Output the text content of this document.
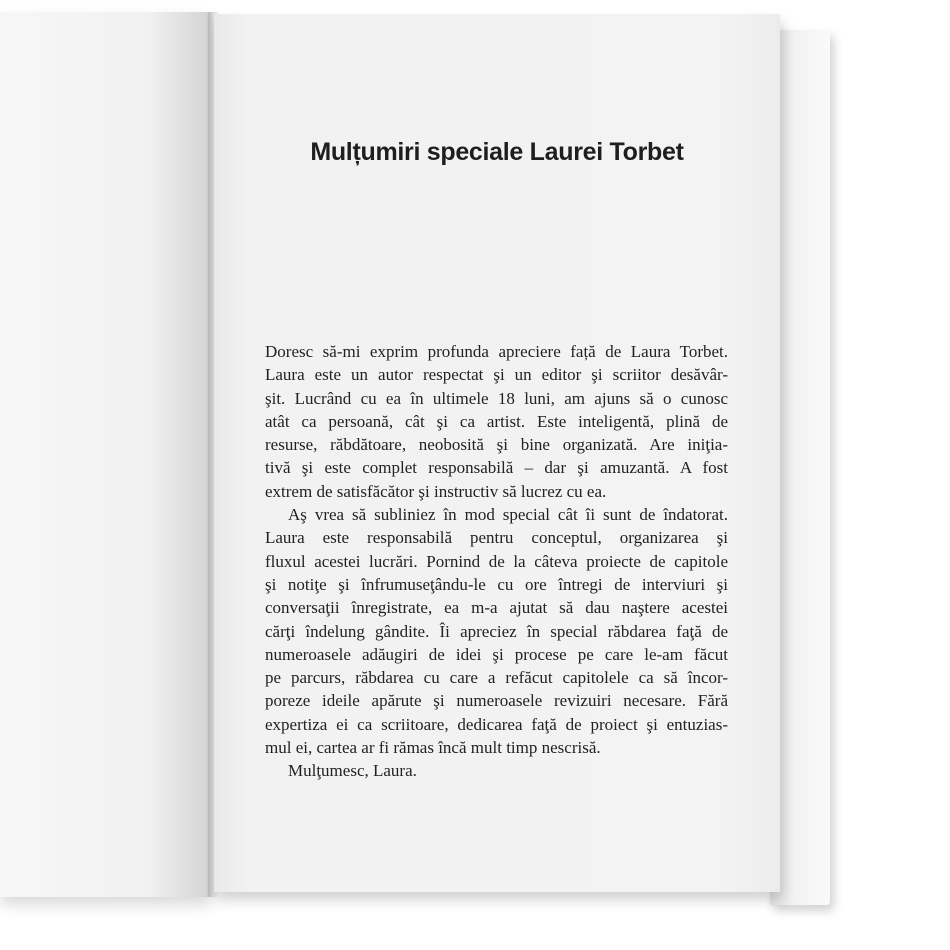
Mulțumiri speciale Laurei Torbet

Doresc să-mi exprim profunda apreciere față de Laura Torbet.
Laura este un autor respectat şi un editor şi scriitor desăvâr-
şit. Lucrând cu ea în ultimele 18 luni, am ajuns să o cunosc
atât ca persoană, cât şi ca artist. Este inteligentă, plină de
resurse, răbdătoare, neobosită şi bine organizată. Are iniţia-
tivă şi este complet responsabilă – dar şi amuzantă. A fost
extrem de satisfăcător şi instructiv să lucrez cu ea.

Aş vrea să subliniez în mod special cât îi sunt de îndatorat.
Laura este responsabilă pentru conceptul, organizarea şi
fluxul acestei lucrări. Pornind de la câteva proiecte de capitole
şi notiţe şi înfrumuseţându-le cu ore întregi de interviuri şi
conversaţii înregistrate, ea m-a ajutat să dau naştere acestei
cărţi îndelung gândite. Îi apreciez în special răbdarea faţă de
numeroasele adăugiri de idei şi procese pe care le-am făcut
pe parcurs, răbdarea cu care a refăcut capitolele ca să încor-
poreze ideile apărute şi numeroasele revizuiri necesare. Fără
expertiza ei ca scriitoare, dedicarea faţă de proiect şi entuzias-
mul ei, cartea ar fi rămas încă mult timp nescrisă.

Mulţumesc, Laura.
